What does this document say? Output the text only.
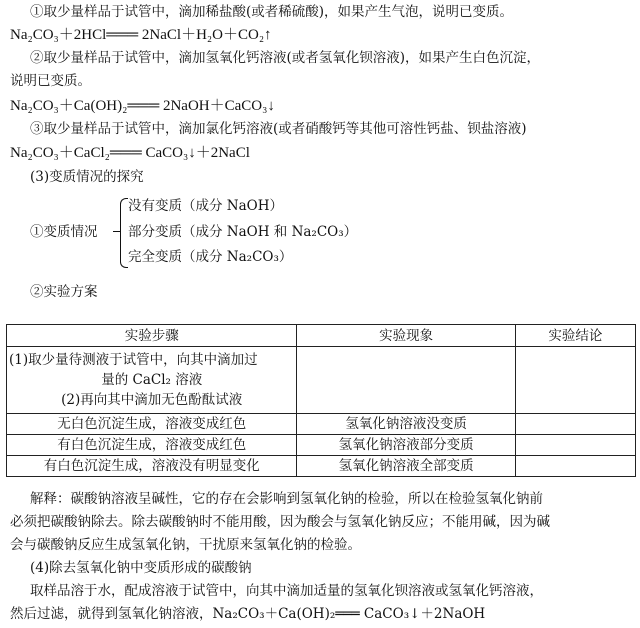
①取少量样品于试管中，滴加稀盐酸(或者稀硫酸)，如果产生气泡，说明已变质。
Na₂CO₃＋2HCl═══ 2NaCl＋H₂O＋CO₂↑
②取少量样品于试管中，滴加氢氧化钙溶液(或者氢氧化钡溶液)，如果产生白色沉淀，
说明已变质。
Na₂CO₃＋Ca(OH)₂═══ 2NaOH＋CaCO₃↓
③取少量样品于试管中，滴加氯化钙溶液(或者硝酸钙等其他可溶性钙盐、钡盐溶液)
Na₂CO₃＋CaCl₂═══ CaCO₃↓＋2NaCl
(3)变质情况的探究
①变质情况
没有变质（成分 NaOH）
部分变质（成分 NaOH 和 Na₂CO₃）
完全变质（成分 Na₂CO₃）
②实验方案
实验步骤	实验现象	实验结论

(1)取少量待测液于试管中，向其中滴加过
量的 CaCl₂ 溶液
(2)再向其中滴加无色酚酞试液		

无白色沉淀生成，溶液变成红色	氢氧化钠溶液没变质	
有白色沉淀生成，溶液变成红色	氢氧化钠溶液部分变质	
有白色沉淀生成，溶液没有明显变化	氢氧化钠溶液全部变质	
解释：碳酸钠溶液呈碱性，它的存在会影响到氢氧化钠的检验，所以在检验氢氧化钠前
必须把碳酸钠除去。除去碳酸钠时不能用酸，因为酸会与氢氧化钠反应；不能用碱，因为碱
会与碳酸钠反应生成氢氧化钠，干扰原来氢氧化钠的检验。
(4)除去氢氧化钠中变质形成的碳酸钠
取样品溶于水，配成溶液于试管中，向其中滴加适量的氢氧化钡溶液或氢氧化钙溶液，
然后过滤，就得到氢氧化钠溶液，Na₂CO₃＋Ca(OH)₂═══ CaCO₃↓＋2NaOH
